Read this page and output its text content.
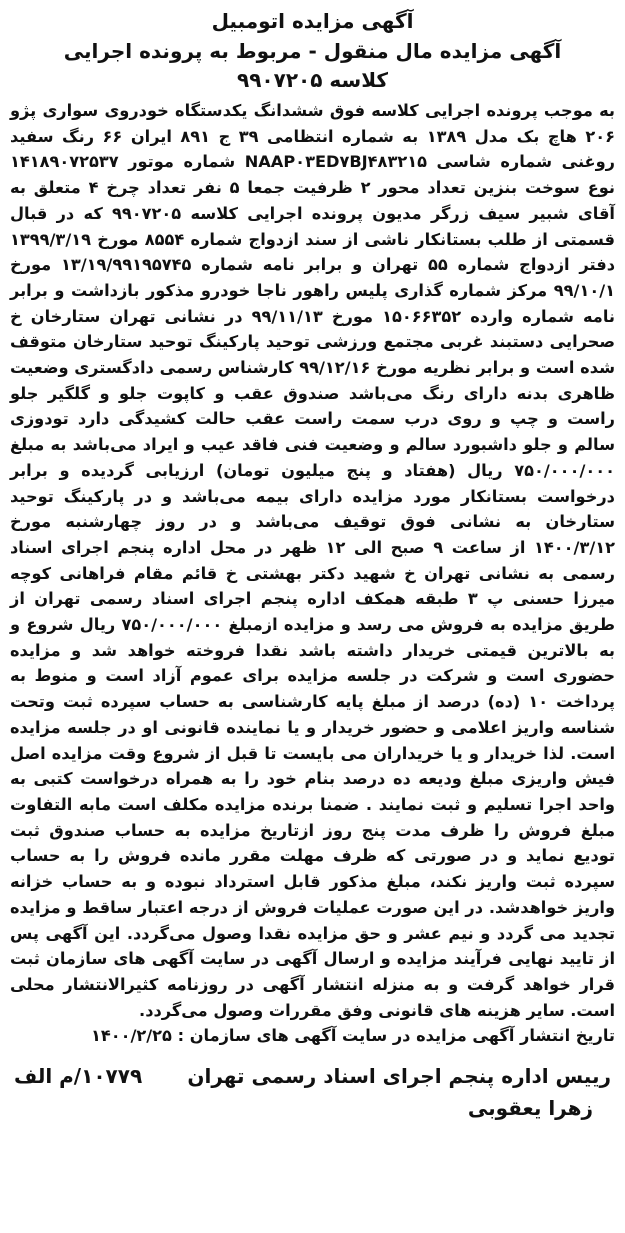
آگهی مزایده اتومبیل
آگهی مزایده مال منقول - مربوط به پرونده اجرایی
کلاسه ۹۹۰۷۲۰۵

به موجب پرونده اجرایی کلاسه فوق ششدانگ یکدستگاه خودروی سواری پژو ۲۰۶ هاچ بک مدل ۱۳۸۹ به شماره انتظامی ۳۹ ج ۸۹۱ ایران ۶۶ رنگ سفید روغنی شماره شاسی NAAP۰۳ED۷BJ۴۸۳۲۱۵ شماره موتور ۱۴۱۸۹۰۷۲۵۳۷ نوع سوخت بنزین تعداد محور ۲ ظرفیت جمعا ۵ نفر تعداد چرخ ۴ متعلق به آقای شبیر سیف زرگر مدیون پرونده اجرایی کلاسه ۹۹۰۷۲۰۵ که در قبال قسمتی از طلب بستانکار ناشی از سند ازدواج شماره ۸۵۵۴ مورخ ۱۳۹۹/۳/۱۹ دفتر ازدواج شماره ۵۵ تهران و برابر نامه شماره ۱۳/۱۹/۹۹۱۹۵۷۴۵ مورخ ۹۹/۱۰/۱ مرکز شماره گذاری پلیس راهور ناجا خودرو مذکور بازداشت و برابر نامه شماره وارده ۱۵۰۶۶۳۵۲ مورخ ۹۹/۱۱/۱۳ در نشانی تهران ستارخان خ صحرایی دستبند غربی مجتمع ورزشی توحید پارکینگ توحید ستارخان متوقف شده است و برابر نظریه مورخ ۹۹/۱۲/۱۶ کارشناس رسمی دادگستری وضعیت ظاهری بدنه دارای رنگ می‌باشد صندوق عقب و کاپوت جلو و گلگیر جلو راست و چپ و روی درب سمت راست عقب حالت کشیدگی دارد تودوزی سالم و جلو داشبورد سالم و وضعیت فنی فاقد عیب و ایراد می‌باشد به مبلغ ۷۵۰/۰۰۰/۰۰۰ ریال (هفتاد و پنج میلیون تومان) ارزیابی گردیده و برابر درخواست بستانکار مورد مزایده دارای بیمه می‌باشد و در پارکینگ توحید ستارخان به نشانی فوق توقیف می‌باشد و در روز چهارشنبه مورخ ۱۴۰۰/۳/۱۲ از ساعت ۹ صبح الی ۱۲ ظهر در محل اداره پنجم اجرای اسناد رسمی به نشانی تهران خ شهید دکتر بهشتی خ قائم مقام فراهانی کوچه میرزا حسنی پ ۳ طبقه همکف اداره پنجم اجرای اسناد رسمی تهران از طریق مزایده به فروش می رسد و مزایده ازمبلغ ۷۵۰/۰۰۰/۰۰۰ ریال شروع و به بالاترین قیمتی خریدار داشته باشد نقدا فروخته خواهد شد و مزایده حضوری است و شرکت در جلسه مزایده برای عموم آزاد است و منوط به پرداخت ۱۰ (ده) درصد از مبلغ پایه کارشناسی به حساب سپرده ثبت وتحت شناسه واریز اعلامی و حضور خریدار و یا نماینده قانونی او در جلسه مزایده است. لذا خریدار و یا خریداران می بایست تا قبل از شروع وقت مزایده اصل فیش واریزی مبلغ ودیعه ده درصد بنام خود را به همراه درخواست کتبی به واحد اجرا تسلیم و ثبت نمایند . ضمنا برنده مزایده مکلف است مابه التفاوت مبلغ فروش را ظرف مدت پنج روز ازتاریخ مزایده به حساب صندوق ثبت تودیع نماید و در صورتی که ظرف مهلت مقرر مانده فروش را به حساب سپرده ثبت واریز نکند، مبلغ مذکور قابل استرداد نبوده و به حساب خزانه واریز خواهدشد. در این صورت عملیات فروش از درجه اعتبار ساقط و مزایده تجدید می گردد و نیم عشر و حق مزایده نقدا وصول می‌گردد. این آگهی پس از تایید نهایی فرآیند مزایده و ارسال آگهی در سایت آگهی های سازمان ثبت قرار خواهد گرفت و به منزله انتشار آگهی در روزنامه کثیرالانتشار محلی است. سایر هزینه های قانونی وفق مقررات وصول می‌گردد.

تاریخ انتشار آگهی مزایده در سایت آگهی های سازمان : ۱۴۰۰/۲/۲۵

رییس اداره پنجم اجرای اسناد رسمی تهران
۱۰۷۷۹/م الف
زهرا یعقوبی
